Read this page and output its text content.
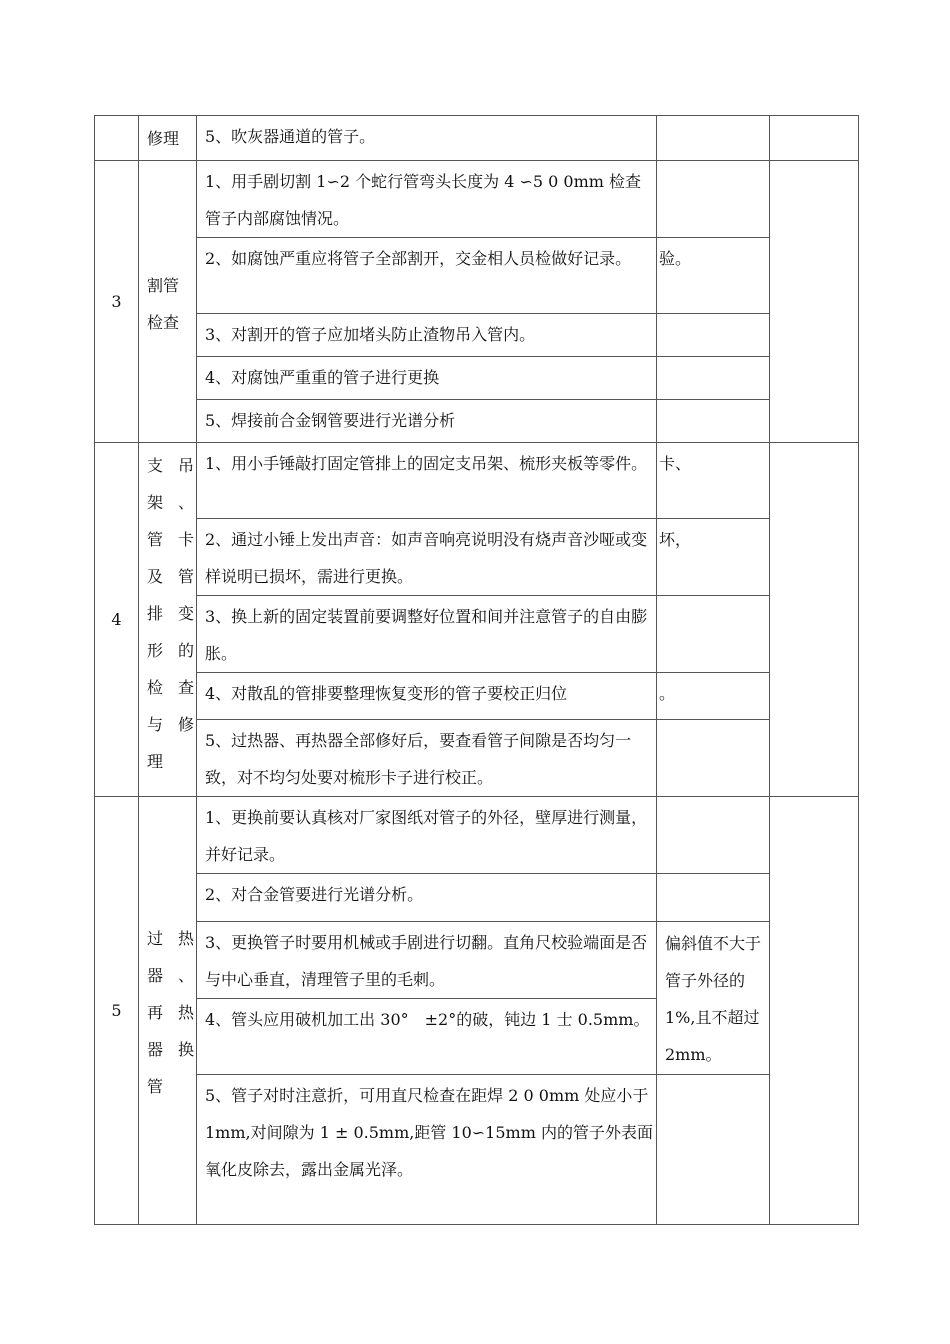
	修理	5、吹灰器通道的管子。		
3	割管检查	1、用手剧切割 1∽2 个蛇行管弯头长度为 4 ∽5 0 0mm 检查管子内部腐蚀情况。		
		2、如腐蚀严重应将管子全部割开，交金相人员检做好记录。	验。	
		3、对割开的管子应加堵头防止渣物吊入管内。		
		4、对腐蚀严重重的管子进行更换		
		5、焊接前合金钢管要进行光谱分析		
4	支吊架、管卡及管排变形的检查与修理	1、用小手锤敲打固定管排上的固定支吊架、梳形夹板等零件。	卡、	
		2、通过小锤上发出声音：如声音响亮说明没有烧声音沙哑或变样说明已损坏，需进行更换。	坏，	
		3、换上新的固定装置前要调整好位置和间并注意管子的自由膨胀。		
		4、对散乱的管排要整理恢复变形的管子要校正归位	。	
		5、过热器、再热器全部修好后，要查看管子间隙是否均匀一致，对不均匀处要对梳形卡子进行校正。		
5	过热器、再热器换管	1、更换前要认真核对厂家图纸对管子的外径，壁厚进行测量，并好记录。		
		2、对合金管要进行光谱分析。		
		3、更换管子时要用机械或手剧进行切翻。直角尺校验端面是否与中心垂直，清理管子里的毛刺。	偏斜值不大于管子外径的 1%,且不超过 2mm。	
		4、管头应用破机加工出 30°　±2°的破，钝边 1 士 0.5mm。		
		5、管子对时注意折，可用直尺检查在距焊 2 0 0mm 处应小于 1mm,对间隙为 1 ± 0.5mm,距管 10∽15mm 内的管子外表面氧化皮除去，露出金属光泽。		
